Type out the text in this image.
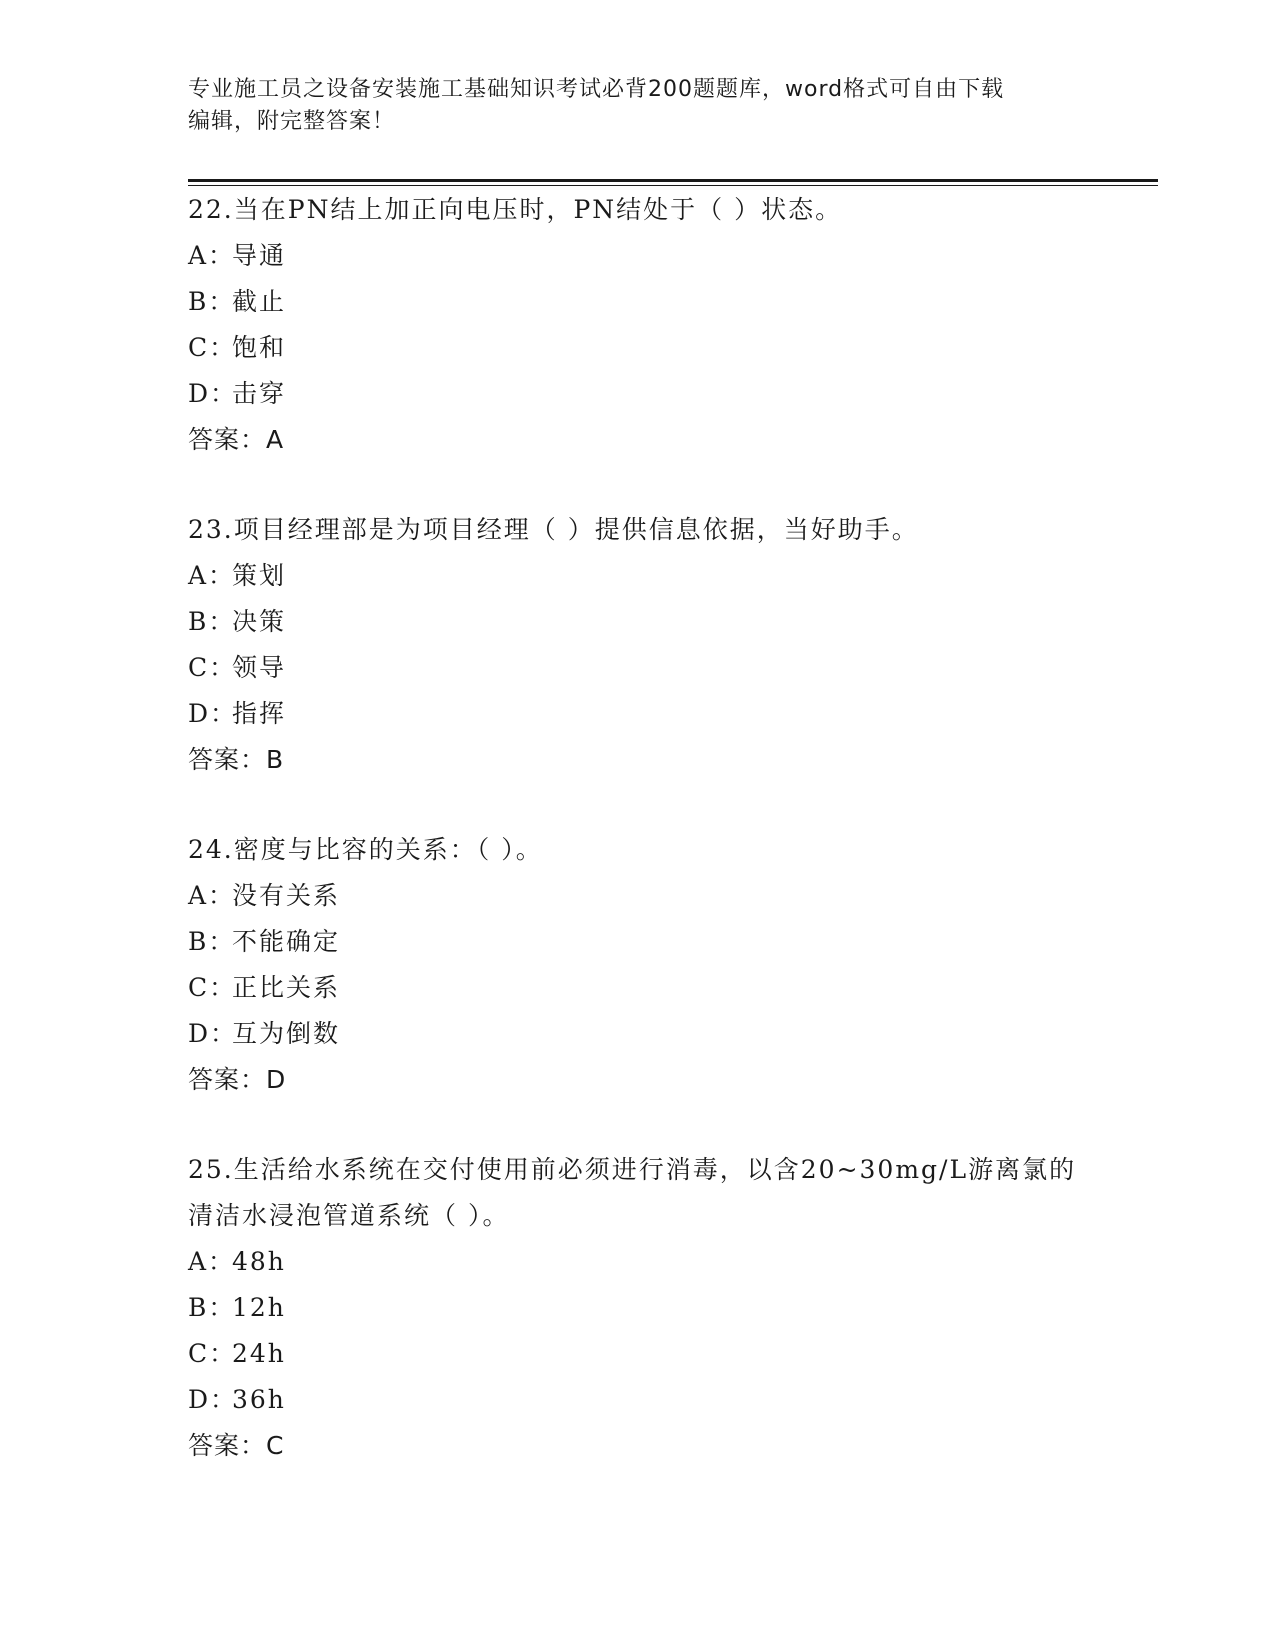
专业施工员之设备安装施工基础知识考试必背200题题库，word格式可自由下载
编辑，附完整答案！
22.当在PN结上加正向电压时，PN结处于（ ）状态。
A：导通
B：截止
C：饱和
D：击穿
答案：A
23.项目经理部是为项目经理（ ）提供信息依据，当好助手。
A：策划
B：决策
C：领导
D：指挥
答案：B
24.密度与比容的关系：（ ）。
A：没有关系
B：不能确定
C：正比关系
D：互为倒数
答案：D
25.生活给水系统在交付使用前必须进行消毒，以含20~30mg/L游离氯的清洁水浸泡管道系统（ ）。
A：48h
B：12h
C：24h
D：36h
答案：C
